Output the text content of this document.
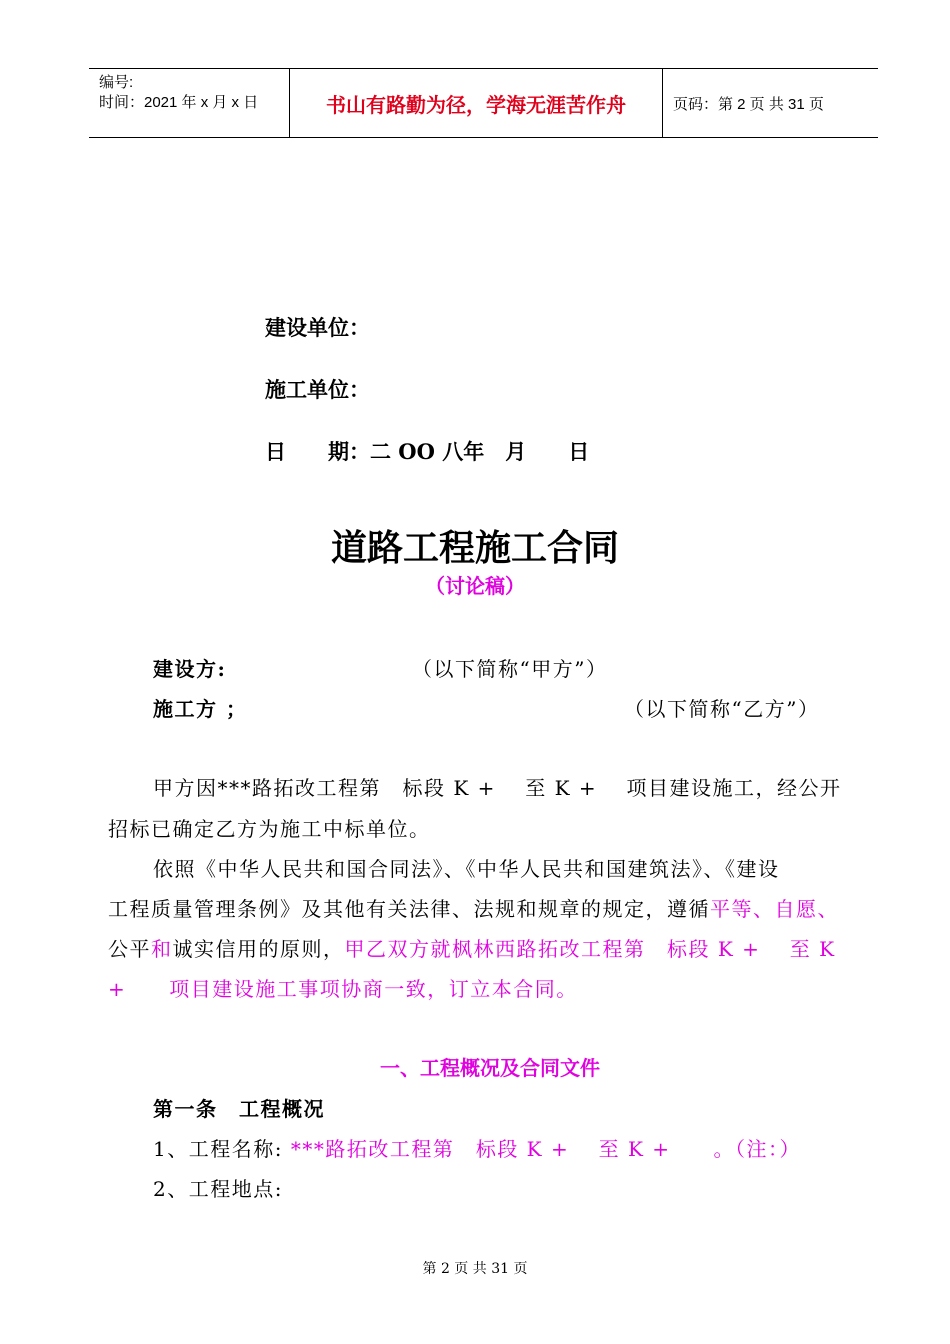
编号:
时间：2021 年 x 月 x 日	书山有路勤为径，学海无涯苦作舟	页码：第 2 页 共 31 页
建设单位：
施工单位：
日　　期：二 OO 八年　月　　日
道路工程施工合同
（讨论稿）
建设方:	（以下简称“甲方”）
施工方 ；	（以下简称“乙方”）
甲方因***路拓改工程第　标段 K +　 至 K +　 项目建设施工，经公开
招标已确定乙方为施工中标单位。
依照《中华人民共和国合同法》、《中华人民共和国建筑法》、《建设
工程质量管理条例》及其他有关法律、法规和规章的规定，遵循平等、自愿、
公平和诚实信用的原则，甲乙双方就枫林西路拓改工程第　标段 K +　 至 K
+　　项目建设施工事项协商一致，订立本合同。
一、工程概况及合同文件
第一条　工程概况
1、工程名称: ***路拓改工程第　标段 K +　 至 K +　　。（注：）
2、工程地点:
第 2 页 共 31 页
